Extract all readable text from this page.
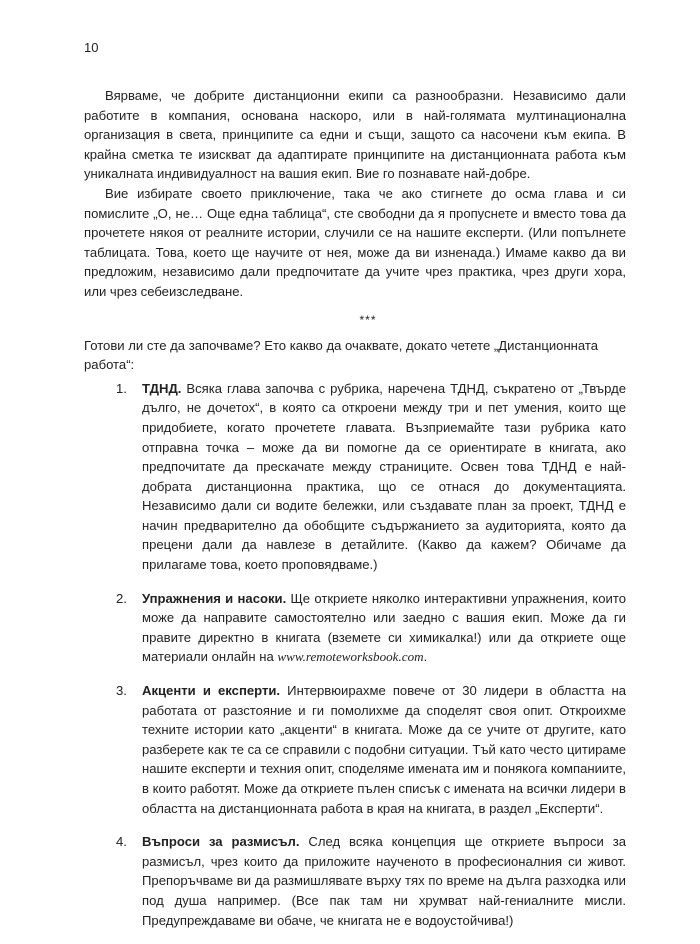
10

Вярваме, че добрите дистанционни екипи са разнообразни. Независимо дали работите в компания, основана наскоро, или в най-голямата мултинационална организация в света, принципите са едни и същи, защото са насочени към екипа. В крайна сметка те изискват да адаптирате принципите на дистанционната работа към уникалната индивидуалност на вашия екип. Вие го познавате най-добре.

Вие избирате своето приключение, така че ако стигнете до осма глава и си помислите „О, не… Още една таблица“, сте свободни да я пропуснете и вместо това да прочетете някоя от реалните истории, случили се на нашите експерти. (Или попълнете таблицата. Това, което ще научите от нея, може да ви изненада.) Имаме какво да ви предложим, независимо дали предпочитате да учите чрез практика, чрез други хора, или чрез себеизследване.

***

Готови ли сте да започваме? Ето какво да очаквате, докато четете „Дистанционната работа“:

1. ТДНД. Всяка глава започва с рубрика, наречена ТДНД, съкратено от „Твърде дълго, не дочетох“, в която са откроени между три и пет умения, които ще придобиете, когато прочетете главата. Възприемайте тази рубрика като отправна точка – може да ви помогне да се ориентирате в книгата, ако предпочитате да прескачате между страниците. Освен това ТДНД е най-добрата дистанционна практика, що се отнася до документацията. Независимо дали си водите бележки, или създавате план за проект, ТДНД е начин предварително да обобщите съдържанието за аудиторията, която да прецени дали да навлезе в детайлите. (Какво да кажем? Обичаме да прилагаме това, което проповядваме.)
2. Упражнения и насоки. Ще откриете няколко интерактивни упражнения, които може да направите самостоятелно или заедно с вашия екип. Може да ги правите директно в книгата (вземете си химикалка!) или да откриете още материали онлайн на www.remoteworksbook.com.
3. Акценти и експерти. Интервюирахме повече от 30 лидери в областта на работата от разстояние и ги помолихме да споделят своя опит. Откроихме техните истории като „акценти“ в книгата. Може да се учите от другите, като разберете как те са се справили с подобни ситуации. Тъй като често цитираме нашите експерти и техния опит, споделяме имената им и понякога компаниите, в които работят. Може да откриете пълен списък с имената на всички лидери в областта на дистанционната работа в края на книгата, в раздел „Експерти“.
4. Въпроси за размисъл. След всяка концепция ще откриете въпроси за размисъл, чрез които да приложите наученото в професионалния си живот. Препоръчваме ви да размишлявате върху тях по време на дълга разходка или под душа например. (Все пак там ни хрумват най-гениалните мисли. Предупреждаваме ви обаче, че книгата не е водоустойчива!)
